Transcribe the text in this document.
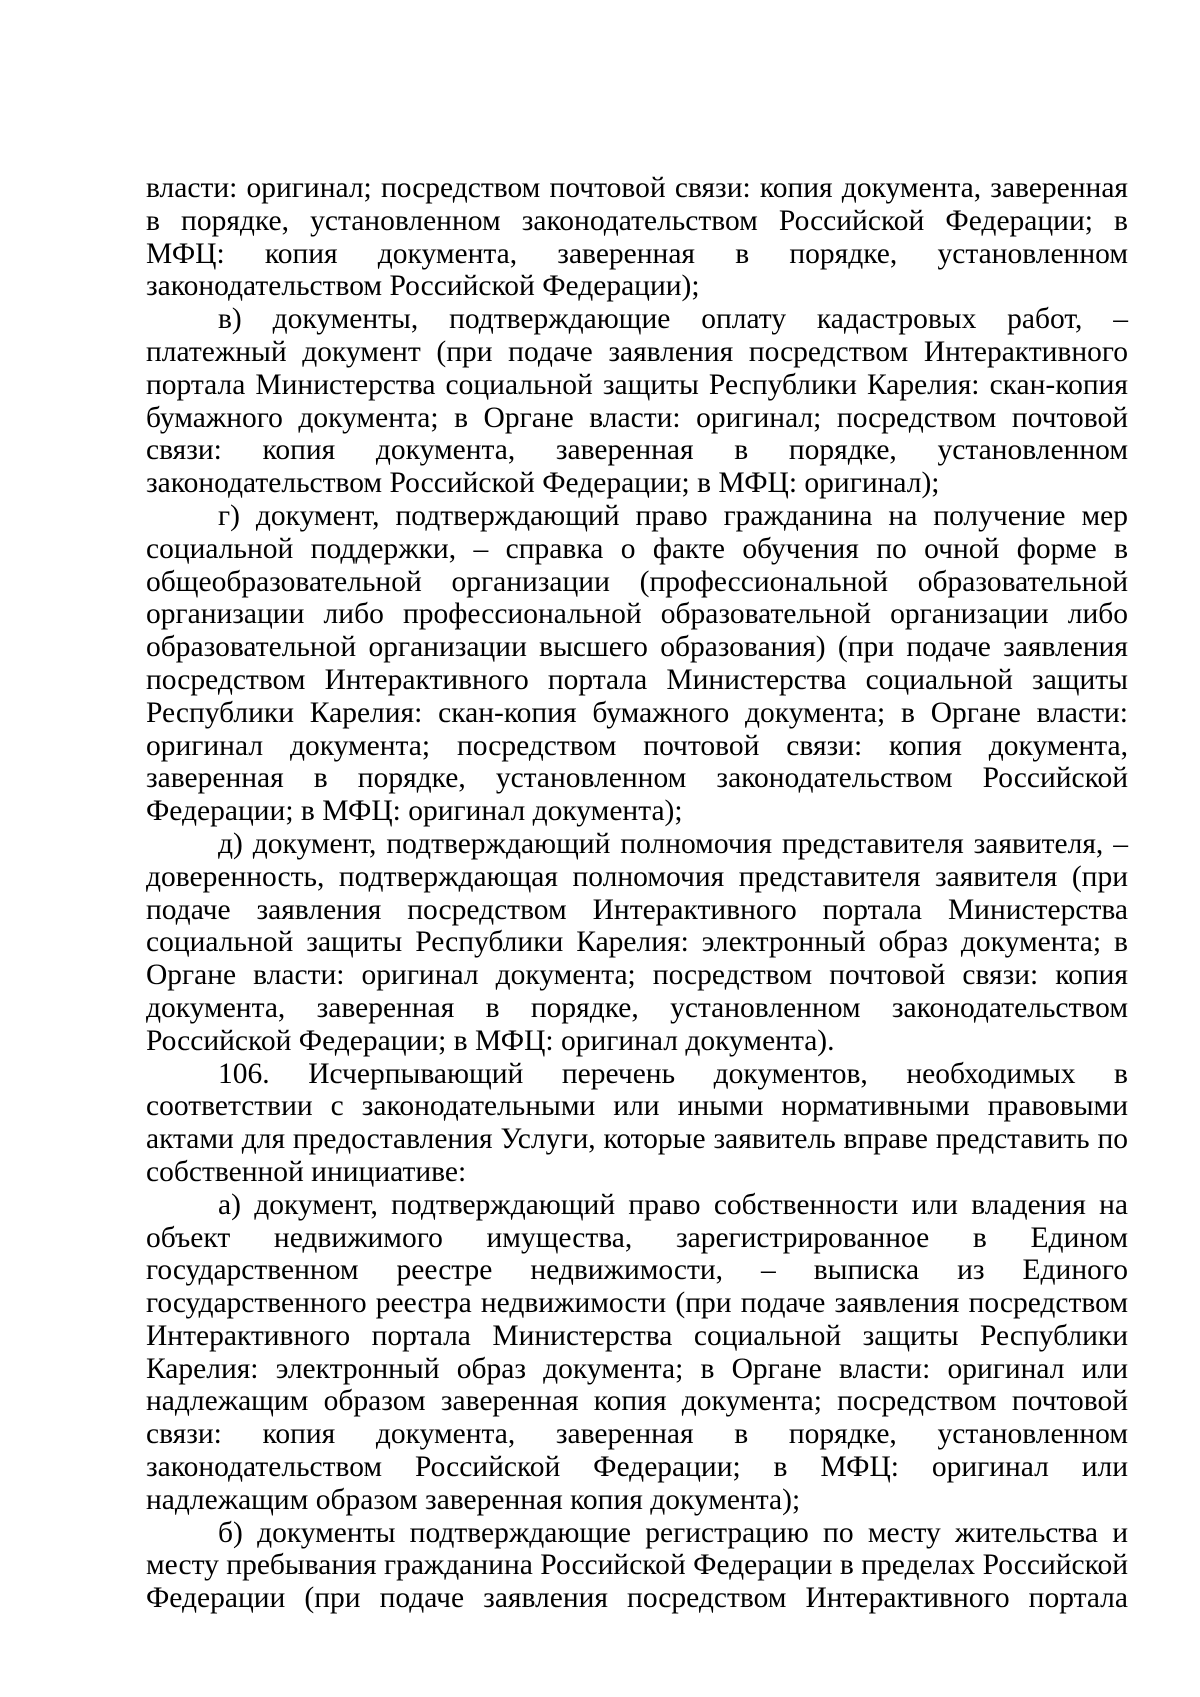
власти: оригинал; посредством почтовой связи: копия документа, заверенная в порядке, установленном законодательством Российской Федерации; в МФЦ: копия документа, заверенная в порядке, установленном законодательством Российской Федерации);

в) документы, подтверждающие оплату кадастровых работ, – платежный документ (при подаче заявления посредством Интерактивного портала Министерства социальной защиты Республики Карелия: скан-копия бумажного документа; в Органе власти: оригинал; посредством почтовой связи: копия документа, заверенная в порядке, установленном законодательством Российской Федерации; в МФЦ: оригинал);

г) документ, подтверждающий право гражданина на получение мер социальной поддержки, – справка о факте обучения по очной форме в общеобразовательной организации (профессиональной образовательной организации либо профессиональной образовательной организации либо образовательной организации высшего образования) (при подаче заявления посредством Интерактивного портала Министерства социальной защиты Республики Карелия: скан-копия бумажного документа; в Органе власти: оригинал документа; посредством почтовой связи: копия документа, заверенная в порядке, установленном законодательством Российской Федерации; в МФЦ: оригинал документа);

д) документ, подтверждающий полномочия представителя заявителя, – доверенность, подтверждающая полномочия представителя заявителя (при подаче заявления посредством Интерактивного портала Министерства социальной защиты Республики Карелия: электронный образ документа; в Органе власти: оригинал документа; посредством почтовой связи: копия документа, заверенная в порядке, установленном законодательством Российской Федерации; в МФЦ: оригинал документа).

106. Исчерпывающий перечень документов, необходимых в соответствии с законодательными или иными нормативными правовыми актами для предоставления Услуги, которые заявитель вправе представить по собственной инициативе:

а) документ, подтверждающий право собственности или владения на объект недвижимого имущества, зарегистрированное в Едином государственном реестре недвижимости, – выписка из Единого государственного реестра недвижимости (при подаче заявления посредством Интерактивного портала Министерства социальной защиты Республики Карелия: электронный образ документа; в Органе власти: оригинал или надлежащим образом заверенная копия документа; посредством почтовой связи: копия документа, заверенная в порядке, установленном законодательством Российской Федерации; в МФЦ: оригинал или надлежащим образом заверенная копия документа);

б) документы подтверждающие регистрацию по месту жительства и месту пребывания гражданина Российской Федерации в пределах Российской Федерации (при подаче заявления посредством Интерактивного портала
